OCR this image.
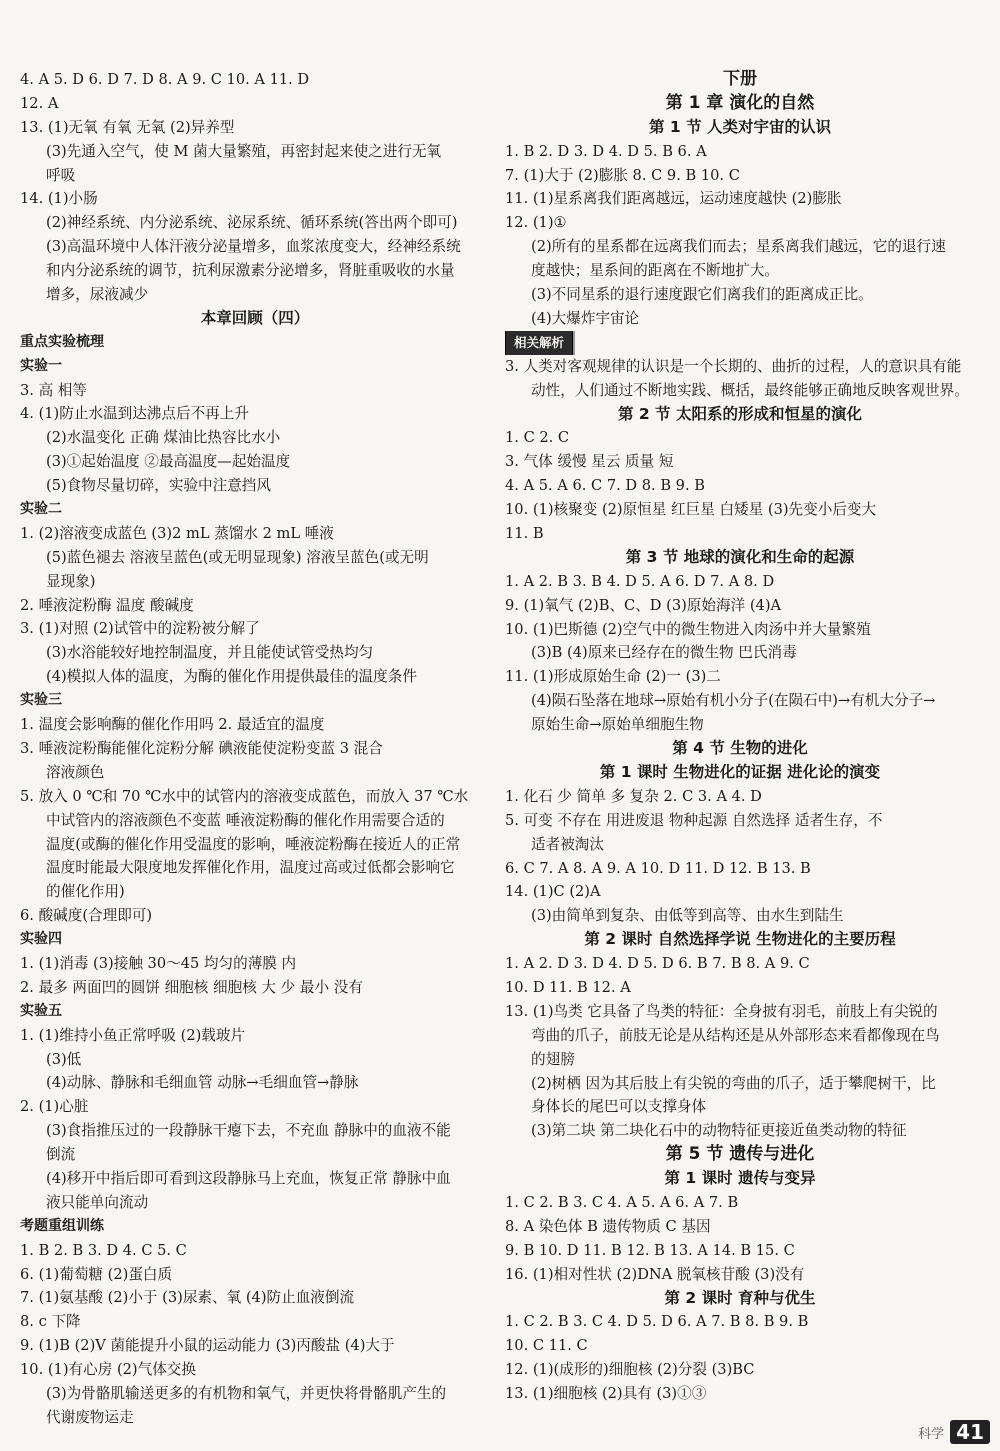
4. A 5. D 6. D 7. D 8. A 9. C 10. A 11. D
12. A
13. (1)无氧 有氧 无氧 (2)异养型
(3)先通入空气，使 M 菌大量繁殖，再密封起来使之进行无氧
呼吸
14. (1)小肠
(2)神经系统、内分泌系统、泌尿系统、循环系统(答出两个即可)
(3)高温环境中人体汗液分泌量增多，血浆浓度变大，经神经系统
和内分泌系统的调节，抗利尿激素分泌增多，肾脏重吸收的水量
增多，尿液减少
本章回顾（四）
重点实验梳理
实验一
3. 高 相等
4. (1)防止水温到达沸点后不再上升
(2)水温变化 正确 煤油比热容比水小
(3)①起始温度 ②最高温度—起始温度
(5)食物尽量切碎，实验中注意挡风
实验二
1. (2)溶液变成蓝色 (3)2 mL 蒸馏水 2 mL 唾液
(5)蓝色褪去 溶液呈蓝色(或无明显现象) 溶液呈蓝色(或无明
显现象)
2. 唾液淀粉酶 温度 酸碱度
3. (1)对照 (2)试管中的淀粉被分解了
(3)水浴能较好地控制温度，并且能使试管受热均匀
(4)模拟人体的温度，为酶的催化作用提供最佳的温度条件
实验三
1. 温度会影响酶的催化作用吗 2. 最适宜的温度
3. 唾液淀粉酶能催化淀粉分解 碘液能使淀粉变蓝 3 混合
溶液颜色
5. 放入 0 ℃和 70 ℃水中的试管内的溶液变成蓝色，而放入 37 ℃水
中试管内的溶液颜色不变蓝 唾液淀粉酶的催化作用需要合适的
温度(或酶的催化作用受温度的影响，唾液淀粉酶在接近人的正常
温度时能最大限度地发挥催化作用，温度过高或过低都会影响它
的催化作用)
6. 酸碱度(合理即可)
实验四
1. (1)消毒 (3)接触 30～45 均匀的薄膜 内
2. 最多 两面凹的圆饼 细胞核 细胞核 大 少 最小 没有
实验五
1. (1)维持小鱼正常呼吸 (2)载玻片
(3)低
(4)动脉、静脉和毛细血管 动脉→毛细血管→静脉
2. (1)心脏
(3)食指推压过的一段静脉干瘪下去，不充血 静脉中的血液不能
倒流
(4)移开中指后即可看到这段静脉马上充血，恢复正常 静脉中血
液只能单向流动
考题重组训练
1. B 2. B 3. D 4. C 5. C
6. (1)葡萄糖 (2)蛋白质
7. (1)氨基酸 (2)小于 (3)尿素、氧 (4)防止血液倒流
8. c 下降
9. (1)B (2)V 菌能提升小鼠的运动能力 (3)丙酸盐 (4)大于
10. (1)有心房 (2)气体交换
(3)为骨骼肌输送更多的有机物和氧气，并更快将骨骼肌产生的
代谢废物运走
下册
第 1 章 演化的自然
第 1 节 人类对宇宙的认识
1. B 2. D 3. D 4. D 5. B 6. A
7. (1)大于 (2)膨胀 8. C 9. B 10. C
11. (1)星系离我们距离越远，运动速度越快 (2)膨胀
12. (1)①
(2)所有的星系都在远离我们而去；星系离我们越远，它的退行速
度越快；星系间的距离在不断地扩大。
(3)不同星系的退行速度跟它们离我们的距离成正比。
(4)大爆炸宇宙论
相关解析
3. 人类对客观规律的认识是一个长期的、曲折的过程，人的意识具有能
动性，人们通过不断地实践、概括，最终能够正确地反映客观世界。
第 2 节 太阳系的形成和恒星的演化
1. C 2. C
3. 气体 缓慢 星云 质量 短
4. A 5. A 6. C 7. D 8. B 9. B
10. (1)核聚变 (2)原恒星 红巨星 白矮星 (3)先变小后变大
11. B
第 3 节 地球的演化和生命的起源
1. A 2. B 3. B 4. D 5. A 6. D 7. A 8. D
9. (1)氧气 (2)B、C、D (3)原始海洋 (4)A
10. (1)巴斯德 (2)空气中的微生物进入肉汤中并大量繁殖
(3)B (4)原来已经存在的微生物 巴氏消毒
11. (1)形成原始生命 (2)一 (3)二
(4)陨石坠落在地球→原始有机小分子(在陨石中)→有机大分子→
原始生命→原始单细胞生物
第 4 节 生物的进化
第 1 课时 生物进化的证据 进化论的演变
1. 化石 少 简单 多 复杂 2. C 3. A 4. D
5. 可变 不存在 用进废退 物种起源 自然选择 适者生存，不
适者被淘汰
6. C 7. A 8. A 9. A 10. D 11. D 12. B 13. B
14. (1)C (2)A
(3)由简单到复杂、由低等到高等、由水生到陆生
第 2 课时 自然选择学说 生物进化的主要历程
1. A 2. D 3. D 4. D 5. D 6. B 7. B 8. A 9. C
10. D 11. B 12. A
13. (1)鸟类 它具备了鸟类的特征：全身披有羽毛，前肢上有尖锐的
弯曲的爪子，前肢无论是从结构还是从外部形态来看都像现在鸟
的翅膀
(2)树栖 因为其后肢上有尖锐的弯曲的爪子，适于攀爬树干，比
身体长的尾巴可以支撑身体
(3)第二块 第二块化石中的动物特征更接近鱼类动物的特征
第 5 节 遗传与进化
第 1 课时 遗传与变异
1. C 2. B 3. C 4. A 5. A 6. A 7. B
8. A 染色体 B 遗传物质 C 基因
9. B 10. D 11. B 12. B 13. A 14. B 15. C
16. (1)相对性状 (2)DNA 脱氧核苷酸 (3)没有
第 2 课时 育种与优生
1. C 2. B 3. C 4. D 5. D 6. A 7. B 8. B 9. B
10. C 11. C
12. (1)(成形的)细胞核 (2)分裂 (3)BC
13. (1)细胞核 (2)具有 (3)①③
科学 41
